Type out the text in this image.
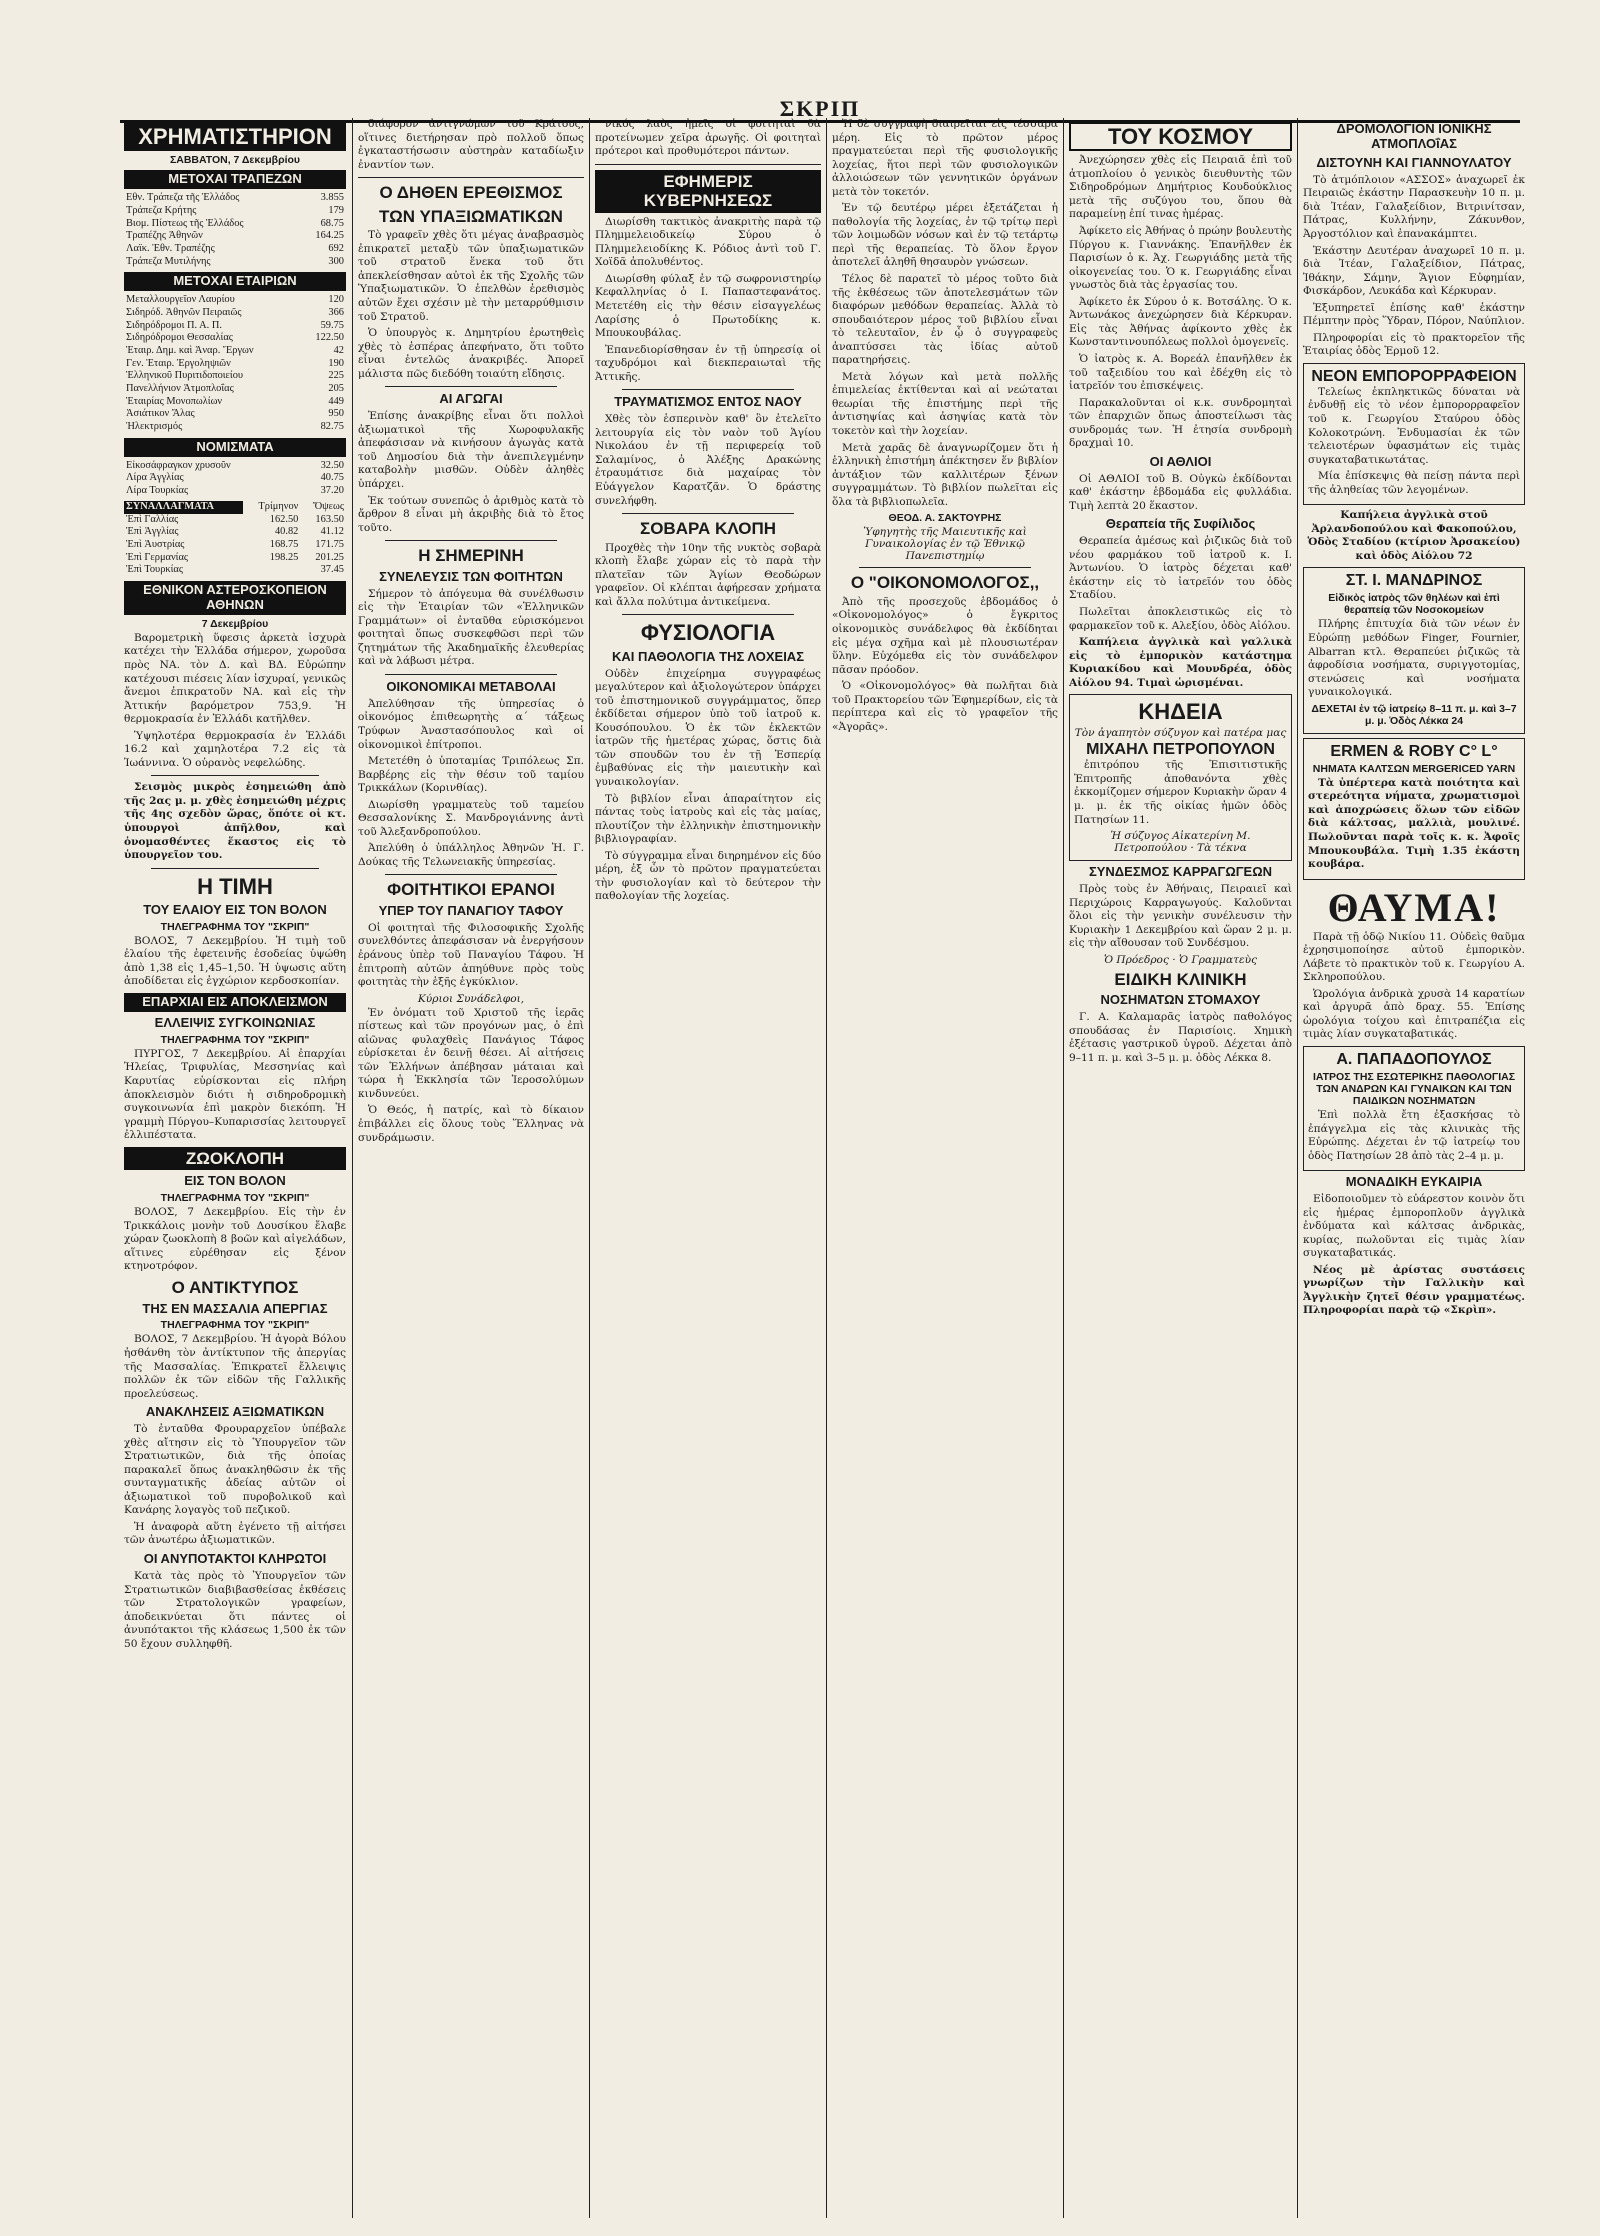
ΣΚΡΙΠ
ΧΡΗΜΑΤΙΣΤΗΡΙΟΝ
ΣΑΒΒΑΤΟΝ, 7 Δεκεμβρίου
ΜΕΤΟΧΑΙ ΤΡΑΠΕΖΩΝ
Εθν. Τράπεζα τῆς Ἑλλάδος	3.855
Τράπεζα Κρήτης	179
Βιομ. Πίστεως τῆς Ἑλλάδος	68.75
Τραπέζης Ἀθηνῶν	164.25
Λαϊκ. Ἐθν. Τραπέζης	692
Τράπεζα Μυτιλήνης	300
ΜΕΤΟΧΑΙ ΕΤΑΙΡΙΩΝ
Μεταλλουργεῖον Λαυρίου	120
Σιδηρόδ. Ἀθηνῶν Πειραιῶς	366
Σιδηρόδρομοι Π. Α. Π.	59.75
Σιδηρόδρομοι Θεσσαλίας	122.50
Ἑταιρ. Δημ. καὶ Ἀναρ. Ἔργων	42
Γεν. Ἑταιρ. Ἐργοληψιῶν	190
Ἑλληνικοῦ Πυριτιδοποιείου	225
Πανελλήνιον Ἀτμοπλοΐας	205
Ἑταιρίας Μονοπωλίων	449
Ἀσιάτικον Ἄλας	950
Ἠλεκτρισμός	82.75
ΝΟΜΙΣΜΑΤΑ
Εἰκοσάφραγκον χρυσοῦν	32.50
Λίρα Ἀγγλίας	40.75
Λίρα Τουρκίας	37.20
ΣΥΝΑΛΛΑΓΜΑΤΑ	Τρίμηνον	Ὄψεως
Ἐπὶ Γαλλίας	162.50	163.50
Ἐπὶ Ἀγγλίας	40.82	41.12
Ἐπὶ Ἀυστρίας	168.75	171.75
Ἐπὶ Γερμανίας	198.25	201.25
Ἐπὶ Τουρκίας		37.45
ΕΘΝΙΚΟΝ ΑΣΤΕΡΟΣΚΟΠΕΙΟΝ ΑΘΗΝΩΝ
7 Δεκεμβρίου

Βαρομετρικὴ ὕφεσις ἀρκετὰ ἰσχυρὰ κατέχει τὴν Ἑλλάδα σήμερον, χωροῦσα πρὸς ΝΑ. τὸν Δ. καὶ ΒΔ. Εὐρώπην κατέχουσι πιέσεις λίαν ἰσχυραί, γενικῶς ἄνεμοι ἐπικρατοῦν ΝΑ. καὶ εἰς τὴν Ἀττικήν βαρόμετρον 753,9. Ἡ θερμοκρασία ἐν Ἑλλάδι κατῆλθεν.

Ὑψηλοτέρα θερμοκρασία ἐν Ἑλλάδι 16.2 καὶ χαμηλοτέρα 7.2 εἰς τὰ Ἰωάννινα. Ὁ οὐρανὸς νεφελώδης.

Σεισμὸς μικρὸς ἐσημειώθη ἀπὸ τῆς 2ας μ. μ. χθὲς ἐσημειώθη μέχρις τῆς 4ης σχεδὸν ὥρας, ὅπότε οἱ κτ. ὑπουργοὶ ἀπῆλθον, καὶ ὀνομασθέντες ἕκαστος εἰς τὸ ὑπουργεῖον του.

Η ΤΙΜΗ
ΤΟΥ ΕΛΑΙΟΥ ΕΙΣ ΤΟΝ ΒΟΛΟΝ
ΤΗΛΕΓΡΑΦΗΜΑ ΤΟΥ "ΣΚΡΙΠ"

ΒΟΛΟΣ, 7 Δεκεμβρίου. Ἡ τιμὴ τοῦ ἐλαίου τῆς ἐφετεινῆς ἐσοδείας ὑψώθη ἀπὸ 1,38 εἰς 1,45–1,50. Ἡ ὑψωσις αὕτη ἀποδίδεται εἰς ἐγχώριον κερδοσκοπίαν.

ΕΠΑΡΧΙΑΙ ΕΙΣ ΑΠΟΚΛΕΙΣΜΟΝ
ΕΛΛΕΙΨΙΣ ΣΥΓΚΟΙΝΩΝΙΑΣ
ΤΗΛΕΓΡΑΦΗΜΑ ΤΟΥ "ΣΚΡΙΠ"

ΠΥΡΓΟΣ, 7 Δεκεμβρίου. Αἱ ἐπαρχίαι Ἠλείας, Τριφυλίας, Μεσσηνίας καὶ Καρυτίας εὑρίσκονται εἰς πλήρη ἀποκλεισμὸν διότι ἡ σιδηροδρομικὴ συγκοινωνία ἐπὶ μακρὸν διεκόπη. Ἡ γραμμὴ Πύργου–Κυπαρισσίας λειτουργεῖ ἐλλιπέστατα.

ΖΩΟΚΛΟΠΗ
ΕΙΣ ΤΟΝ ΒΟΛΟΝ
ΤΗΛΕΓΡΑΦΗΜΑ ΤΟΥ "ΣΚΡΙΠ"

ΒΟΛΟΣ, 7 Δεκεμβρίου. Εἰς τὴν ἐν Τρικκάλοις μονὴν τοῦ Δουσίκου ἔλαβε χώραν ζωοκλοπὴ 8 βοῶν καὶ αἰγελάδων, αἵτινες εὑρέθησαν εἰς ξένον κτηνοτρόφον.

Ο ΑΝΤΙΚΤΥΠΟΣ
ΤΗΣ ΕΝ ΜΑΣΣΑΛΙΑ ΑΠΕΡΓΙΑΣ
ΤΗΛΕΓΡΑΦΗΜΑ ΤΟΥ "ΣΚΡΙΠ"

ΒΟΛΟΣ, 7 Δεκεμβρίου. Ἡ ἀγορὰ Βόλου ἠσθάνθη τὸν ἀντίκτυπον τῆς ἀπεργίας τῆς Μασσαλίας. Ἐπικρατεῖ ἔλλειψις πολλῶν ἐκ τῶν εἰδῶν τῆς Γαλλικῆς προελεύσεως.

ΑΝΑΚΛΗΣΕΙΣ ΑΞΙΩΜΑΤΙΚΩΝ

Τὸ ἐνταῦθα Φρουραρχεῖον ὑπέβαλε χθὲς αἴτησιν εἰς τὸ Ὑπουργεῖον τῶν Στρατιωτικῶν, διὰ τῆς ὁποίας παρακαλεῖ ὅπως ἀνακληθῶσιν ἐκ τῆς συνταγματικῆς ἀδείας αὐτῶν οἱ ἀξιωματικοὶ τοῦ πυροβολικοῦ καὶ Κανάρης λογαγὸς τοῦ πεζικοῦ.

Ἡ ἀναφορὰ αὕτη ἐγένετο τῇ αἰτήσει τῶν ἀνωτέρω ἀξιωματικῶν.

ΟΙ ΑΝΥΠΟΤΑΚΤΟΙ ΚΛΗΡΩΤΟΙ

Κατὰ τὰς πρὸς τὸ Ὑπουργεῖον τῶν Στρατιωτικῶν διαβιβασθείσας ἐκθέσεις τῶν Στρατολογικῶν γραφείων, ἀποδεικνύεται ὅτι πάντες οἱ ἀνυπότακτοι τῆς κλάσεως 1,500 ἐκ τῶν 50 ἔχουν συλληφθῆ.

διάφορον ἀντιγνώμων τοῦ Κράτους, οἵτινες διετήρησαν πρὸ πολλοῦ ὅπως ἐγκαταστήσωσιν αὐστηρὰν καταδίωξιν ἐναντίον των.

Ο ΔΗΘΕΝ ΕΡΕΘΙΣΜΟΣ
ΤΩΝ ΥΠΑΞΙΩΜΑΤΙΚΩΝ

Τὸ γραφεῖν χθὲς ὅτι μέγας ἀναβρασμὸς ἐπικρατεῖ μεταξὺ τῶν ὑπαξιωματικῶν τοῦ στρατοῦ ἕνεκα τοῦ ὅτι ἀπεκλείσθησαν αὐτοὶ ἐκ τῆς Σχολῆς τῶν Ὑπαξιωματικῶν. Ὁ ἐπελθὼν ἐρεθισμὸς αὐτῶν ἔχει σχέσιν μὲ τὴν μεταρρύθμισιν τοῦ Στρατοῦ.

Ὁ ὑπουργὸς κ. Δημητρίου ἐρωτηθεὶς χθὲς τὸ ἐσπέρας ἀπεφήνατο, ὅτι τοῦτο εἶναι ἐντελῶς ἀνακριβές. Ἀπορεῖ μάλιστα πῶς διεδόθη τοιαύτη εἴδησις.

ΑΙ ΑΓΩΓΑΙ

Ἐπίσης ἀνακρίβης εἶναι ὅτι πολλοὶ ἀξιωματικοὶ τῆς Χωροφυλακῆς ἀπεφάσισαν νὰ κινήσουν ἀγωγὰς κατὰ τοῦ Δημοσίου διὰ τὴν ἀνεπιλεγμένην καταβολὴν μισθῶν. Οὐδὲν ἀληθὲς ὑπάρχει.

Ἐκ τούτων συνεπῶς ὁ ἀριθμὸς κατὰ τὸ ἄρθρον 8 εἶναι μὴ ἀκριβὴς διὰ τὸ ἔτος τοῦτο.

Η ΣΗΜΕΡΙΝΗ
ΣΥΝΕΛΕΥΣΙΣ ΤΩΝ ΦΟΙΤΗΤΩΝ

Σήμερον τὸ ἀπόγευμα θὰ συνέλθωσιν εἰς τὴν Ἑταιρίαν τῶν «Ἑλληνικῶν Γραμμάτων» οἱ ἐνταῦθα εὑρισκόμενοι φοιτηταὶ ὅπως συσκεφθῶσι περὶ τῶν ζητημάτων τῆς Ἀκαδημαϊκῆς ἐλευθερίας καὶ νὰ λάβωσι μέτρα.

ΟΙΚΟΝΟΜΙΚΑΙ ΜΕΤΑΒΟΛΑΙ

Ἀπελύθησαν τῆς ὑπηρεσίας ὁ οἰκονόμος ἐπιθεωρητὴς α΄ τάξεως Τρύφων Ἀναστασόπουλος καὶ οἱ οἰκονομικοὶ ἐπίτροποι.

Μετετέθη ὁ ὑποταμίας Τριπόλεως Σπ. Βαρβέρης εἰς τὴν θέσιν τοῦ ταμίου Τρικκάλων (Κορινθίας).

Διωρίσθη γραμματεὺς τοῦ ταμείου Θεσσαλονίκης Σ. Μανδρογιάννης ἀντὶ τοῦ Ἀλεξανδροπούλου.

Ἀπελύθη ὁ ὑπάλληλος Ἀθηνῶν Ἡ. Γ. Δούκας τῆς Τελωνειακῆς ὑπηρεσίας.

ΦΟΙΤΗΤΙΚΟΙ ΕΡΑΝΟΙ
ΥΠΕΡ ΤΟΥ ΠΑΝΑΓΙΟΥ ΤΑΦΟΥ

Οἱ φοιτηταὶ τῆς Φιλοσοφικῆς Σχολῆς συνελθόντες ἀπεφάσισαν νὰ ἐνεργήσουν ἐράνους ὑπὲρ τοῦ Παναγίου Τάφου. Ἡ ἐπιτροπὴ αὐτῶν ἀπηύθυνε πρὸς τοὺς φοιτητὰς τὴν ἑξῆς ἐγκύκλιον.

Κύριοι Συνάδελφοι,

Ἐν ὀνόματι τοῦ Χριστοῦ τῆς ἱερᾶς πίστεως καὶ τῶν προγόνων μας, ὁ ἐπὶ αἰῶνας φυλαχθεὶς Πανάγιος Τάφος εὑρίσκεται ἐν δεινῇ θέσει. Αἱ αἰτήσεις τῶν Ἑλλήνων ἀπέβησαν μάταιαι καὶ τώρα ἡ Ἐκκλησία τῶν Ἱεροσολύμων κινδυνεύει.

Ὁ Θεός, ἡ πατρίς, καὶ τὸ δίκαιον ἐπιβάλλει εἰς ὅλους τοὺς Ἕλληνας νὰ συνδράμωσιν.

νικός λαὸς ἠμεῖς οἱ φοιτηταὶ θὰ προτείνωμεν χεῖρα ἀρωγῆς. Οἱ φοιτηταὶ πρότεροι καὶ προθυμότεροι πάντων.

ΕΦΗΜΕΡΙΣ ΚΥΒΕΡΝΗΣΕΩΣ

Διωρίσθη τακτικὸς ἀνακριτὴς παρὰ τῷ Πλημμελειοδικείῳ Σύρου ὁ Πλημμελειοδίκης Κ. Ρόδιος ἀντὶ τοῦ Γ. Χοϊδᾶ ἀπολυθέντος.

Διωρίσθη φύλαξ ἐν τῷ σωφρονιστηρίῳ Κεφαλληνίας ὁ Ι. Παπαστεφανάτος. Μετετέθη εἰς τὴν θέσιν εἰσαγγελέως Λαρίσης ὁ Πρωτοδίκης κ. Μπουκουβάλας.

Ἐπανεδιορίσθησαν ἐν τῇ ὑπηρεσίᾳ οἱ ταχυδρόμοι καὶ διεκπεραιωταὶ τῆς Ἀττικῆς.

ΤΡΑΥΜΑΤΙΣΜΟΣ ΕΝΤΟΣ ΝΑΟΥ

Χθὲς τὸν ἑσπερινὸν καθ' ὃν ἐτελεῖτο λειτουργία εἰς τὸν ναὸν τοῦ Ἁγίου Νικολάου ἐν τῇ περιφερείᾳ τοῦ Σαλαμίνος, ὁ Ἀλέξης Δρακώνης ἐτραυμάτισε διὰ μαχαίρας τὸν Εὐάγγελον Καρατζᾶν. Ὁ δράστης συνελήφθη.

ΣΟΒΑΡΑ ΚΛΟΠΗ

Προχθὲς τὴν 10ην τῆς νυκτὸς σοβαρὰ κλοπὴ ἔλαβε χώραν εἰς τὸ παρὰ τὴν πλατεῖαν τῶν Ἁγίων Θεοδώρων γραφεῖον. Οἱ κλέπται ἀφήρεσαν χρήματα καὶ ἄλλα πολύτιμα ἀντικείμενα.

ΦΥΣΙΟΛΟΓΙΑ
ΚΑΙ ΠΑΘΟΛΟΓΙΑ ΤΗΣ ΛΟΧΕΙΑΣ

Οὐδὲν ἐπιχείρημα συγγραφέως μεγαλύτερον καὶ ἀξιολογώτερον ὑπάρχει τοῦ ἐπιστημονικοῦ συγγράμματος, ὅπερ ἐκδίδεται σήμερον ὑπὸ τοῦ ἰατροῦ κ. Κουσόπουλου. Ὁ ἐκ τῶν ἐκλεκτῶν ἰατρῶν τῆς ἡμετέρας χώρας, ὅστις διὰ τῶν σπουδῶν του ἐν τῇ Ἑσπερίᾳ ἐμβαθύνας εἰς τὴν μαιευτικὴν καὶ γυναικολογίαν.

Τὸ βιβλίον εἶναι ἀπαραίτητον εἰς πάντας τοὺς ἰατροὺς καὶ εἰς τὰς μαίας, πλουτίζον τὴν ἑλληνικὴν ἐπιστημονικὴν βιβλιογραφίαν.

Τὸ σύγγραμμα εἶναι διηρημένον εἰς δύο μέρη, ἐξ ὧν τὸ πρῶτον πραγματεύεται τὴν φυσιολογίαν καὶ τὸ δεύτερον τὴν παθολογίαν τῆς λοχείας.

Ἡ δὲ συγγραφὴ διαιρεῖται εἰς τέσσαρα μέρη. Εἰς τὸ πρῶτον μέρος πραγματεύεται περὶ τῆς φυσιολογικῆς λοχείας, ἥτοι περὶ τῶν φυσιολογικῶν ἀλλοιώσεων τῶν γεννητικῶν ὀργάνων μετὰ τὸν τοκετόν.

Ἐν τῷ δευτέρῳ μέρει ἐξετάζεται ἡ παθολογία τῆς λοχείας, ἐν τῷ τρίτῳ περὶ τῶν λοιμωδῶν νόσων καὶ ἐν τῷ τετάρτῳ περὶ τῆς θεραπείας. Τὸ ὅλον ἔργον ἀποτελεῖ ἀληθῆ θησαυρὸν γνώσεων.

Τέλος δὲ παρατεῖ τὸ μέρος τοῦτο διὰ τῆς ἐκθέσεως τῶν ἀποτελεσμάτων τῶν διαφόρων μεθόδων θεραπείας. Ἀλλὰ τὸ σπουδαιότερον μέρος τοῦ βιβλίου εἶναι τὸ τελευταῖον, ἐν ᾧ ὁ συγγραφεὺς ἀναπτύσσει τὰς ἰδίας αὐτοῦ παρατηρήσεις.

Μετὰ λόγων καὶ μετὰ πολλῆς ἐπιμελείας ἐκτίθενται καὶ αἱ νεώταται θεωρίαι τῆς ἐπιστήμης περὶ τῆς ἀντισηψίας καὶ ἀσηψίας κατὰ τὸν τοκετὸν καὶ τὴν λοχείαν.

Μετὰ χαρᾶς δὲ ἀναγνωρίζομεν ὅτι ἡ ἑλληνικὴ ἐπιστήμη ἀπέκτησεν ἕν βιβλίον ἀντάξιον τῶν καλλιτέρων ξένων συγγραμμάτων. Τὸ βιβλίον πωλεῖται εἰς ὅλα τὰ βιβλιοπωλεῖα.

ΘΕΟΔ. Α. ΣΑΚΤΟΥΡΗΣ
Ὑφηγητὴς τῆς Μαιευτικῆς καὶ Γυναικολογίας ἐν τῷ Ἐθνικῷ Πανεπιστημίῳ
Ο "ΟΙΚΟΝΟΜΟΛΟΓΟΣ,,

Ἀπὸ τῆς προσεχοῦς ἑβδομάδος ὁ «Οἰκονομολόγος» ὁ ἔγκριτος οἰκονομικὸς συνάδελφος θὰ ἐκδίδηται εἰς μέγα σχῆμα καὶ μὲ πλουσιωτέραν ὕλην. Εὐχόμεθα εἰς τὸν συνάδελφον πᾶσαν πρόοδον.

Ὁ «Οἰκονομολόγος» θὰ πωλῆται διὰ τοῦ Πρακτορείου τῶν Ἐφημερίδων, εἰς τὰ περίπτερα καὶ εἰς τὸ γραφεῖον τῆς «Ἀγορᾶς».

ΤΟΥ ΚΟΣΜΟΥ

Ἀνεχώρησεν χθὲς εἰς Πειραιᾶ ἐπὶ τοῦ ἀτμοπλοίου ὁ γενικὸς διευθυντὴς τῶν Σιδηροδρόμων Δημήτριος Κουδούκλιος μετὰ τῆς συζύγου του, ὅπου θὰ παραμείνῃ ἐπί τινας ἡμέρας.

Ἀφίκετο εἰς Ἀθήνας ὁ πρώην βουλευτὴς Πύργου κ. Γιαννάκης. Ἐπανῆλθεν ἐκ Παρισίων ὁ κ. Ἀχ. Γεωργιάδης μετὰ τῆς οἰκογενείας του. Ὁ κ. Γεωργιάδης εἶναι γνωστὸς διὰ τὰς ἐργασίας του.

Ἀφίκετο ἐκ Σύρου ὁ κ. Βοτσάλης. Ὁ κ. Ἀντωνάκος ἀνεχώρησεν διὰ Κέρκυραν. Εἰς τὰς Ἀθήνας ἀφίκοντο χθὲς ἐκ Κωνσταντινουπόλεως πολλοὶ ὁμογενεῖς.

Ὁ ἰατρὸς κ. Α. Βορεάλ ἐπανῆλθεν ἐκ τοῦ ταξειδίου του καὶ ἐδέχθη εἰς τὸ ἰατρεῖόν του ἐπισκέψεις.

Παρακαλοῦνται οἱ κ.κ. συνδρομηταὶ τῶν ἐπαρχιῶν ὅπως ἀποστείλωσι τὰς συνδρομάς των. Ἡ ἐτησία συνδρομὴ δραχμαὶ 10.

ΟΙ ΑΘΛΙΟΙ

Οἱ ΑΘΛΙΟΙ τοῦ Β. Οὐγκὼ ἐκδίδονται καθ' ἑκάστην ἑβδομάδα εἰς φυλλάδια. Τιμὴ λεπτὰ 20 ἕκαστον.

Θεραπεία τῆς Συφίλιδος

Θεραπεία ἀμέσως καὶ ῥιζικῶς διὰ τοῦ νέου φαρμάκου τοῦ ἰατροῦ κ. Ι. Ἀντωνίου. Ὁ ἰατρὸς δέχεται καθ' ἑκάστην εἰς τὸ ἰατρεῖόν του ὁδὸς Σταδίου.

Πωλεῖται ἀποκλειστικῶς εἰς τὸ φαρμακεῖον τοῦ κ. Αλεξίου, ὁδὸς Αἰόλου.

Καπήλεια ἀγγλικὰ καὶ γαλλικὰ εἰς τὸ ἐμπορικὸν κατάστημα Κυριακίδου καὶ Μουνδρέα, ὁδὸς Αἰόλου 94. Τιμαὶ ὡρισμέναι.

ΚΗΔΕΙΑ
Τὸν ἀγαπητὸν σύζυγον καὶ πατέρα μας
ΜΙΧΑΗΛ ΠΕΤΡΟΠΟΥΛΟΝ

ἐπιτρόπου τῆς Ἐπισιτιστικῆς Ἐπιτροπῆς ἀποθανόντα χθὲς ἐκκομίζομεν σήμερον Κυριακὴν ὥραν 4 μ. μ. ἐκ τῆς οἰκίας ἡμῶν ὁδὸς Πατησίων 11.

Ἡ σύζυγος Αἰκατερίνη Μ. Πετροπούλου · Τὰ τέκνα
ΣΥΝΔΕΣΜΟΣ ΚΑΡΡΑΓΩΓΕΩΝ

Πρὸς τοὺς ἐν Ἀθήναις, Πειραιεῖ καὶ Περιχώροις Καρραγωγούς. Καλοῦνται ὅλοι εἰς τὴν γενικὴν συνέλευσιν τὴν Κυριακὴν 1 Δεκεμβρίου καὶ ὥραν 2 μ. μ. εἰς τὴν αἴθουσαν τοῦ Συνδέσμου.

Ὁ Πρόεδρος · Ὁ Γραμματεὺς
ΕΙΔΙΚΗ ΚΛΙΝΙΚΗ
ΝΟΣΗΜΑΤΩΝ ΣΤΟΜΑΧΟΥ

Γ. Α. Καλαμαρᾶς ἰατρὸς παθολόγος σπουδάσας ἐν Παρισίοις. Χημικὴ ἐξέτασις γαστρικοῦ ὑγροῦ. Δέχεται ἀπὸ 9–11 π. μ. καὶ 3–5 μ. μ. ὁδὸς Λέκκα 8.

ΔΡΟΜΟΛΟΓΙΟΝ ΙΟΝΙΚΗΣ ΑΤΜΟΠΛΟΐΑΣ
ΔΙΣΤΟΥΝΗ ΚΑΙ ΓΙΑΝΝΟΥΛΑΤΟΥ

Τὸ ἀτμόπλοιον «ΑΣΣΟΣ» ἀναχωρεῖ ἐκ Πειραιῶς ἐκάστην Παρασκευὴν 10 π. μ. διὰ Ἰτέαν, Γαλαξείδιον, Βιτρινίτσαν, Πάτρας, Κυλλήνην, Ζάκυνθον, Ἀργοστόλιον καὶ ἐπανακάμπτει.

Ἑκάστην Δευτέραν ἀναχωρεῖ 10 π. μ. διὰ Ἰτέαν, Γαλαξείδιον, Πάτρας, Ἰθάκην, Σάμην, Ἅγιον Εὐφημίαν, Φισκάρδον, Λευκάδα καὶ Κέρκυραν.

Ἐξυπηρετεῖ ἐπίσης καθ' ἑκάστην Πέμπτην πρὸς Ὕδραν, Πόρον, Ναύπλιον.

Πληροφορίαι εἰς τὸ πρακτορεῖον τῆς Ἑταιρίας ὁδὸς Ἑρμοῦ 12.

ΝΕΟΝ ΕΜΠΟΡΟΡΡΑΦΕΙΟΝ

Τελείως ἐκπληκτικῶς δύναται νὰ ἐνδυθῇ εἰς τὸ νέον ἐμπορορραφεῖον τοῦ κ. Γεωργίου Σταύρου ὁδὸς Κολοκοτρώνη. Ἐνδυμασίαι ἐκ τῶν τελειοτέρων ὑφασμάτων εἰς τιμὰς συγκαταβατικωτάτας.

Μία ἐπίσκεψις θὰ πείσῃ πάντα περὶ τῆς ἀληθείας τῶν λεγομένων.

Καπήλεια ἀγγλικὰ στοῦ Ἀρλανδοπούλου καὶ Φακοπούλου, Ὁδὸς Σταδίου (κτίριον Ἀρσακείου) καὶ ὁδὸς Αἰόλου 72

ΣΤ. Ι. ΜΑΝΔΡΙΝΟΣ
Εἰδικὸς ἰατρὸς τῶν θηλέων καὶ ἐπὶ θεραπείᾳ τῶν Νοσοκομείων

Πλήρης ἐπιτυχία διὰ τῶν νέων ἐν Εὐρώπῃ μεθόδων Finger, Fournier, Albarran κτλ. Θεραπεύει ῥιζικῶς τὰ ἀφροδίσια νοσήματα, συριγγοτομίας, στενώσεις καὶ νοσήματα γυναικολογικά.

ΔΕΧΕΤΑΙ ἐν τῷ ἰατρείῳ 8–11 π. μ. καὶ 3–7 μ. μ. Ὁδὸς Λέκκα 24
ERMEN & ROBY C° L°
ΝΗΜΑΤΑ ΚΑΛΤΣΩΝ MERGERICED YARN

Τὰ ὑπέρτερα κατὰ ποιότητα καὶ στερεότητα νήματα, χρωματισμοὶ καὶ ἀποχρώσεις ὅλων τῶν εἰδῶν διὰ κάλτσας, μαλλιὰ, μουλινέ. Πωλοῦνται παρὰ τοῖς κ. κ. Ἀφοῖς Μπουκουβάλα. Τιμὴ 1.35 ἑκάστη κουβάρα.

ΘΑΥΜΑ!

Παρὰ τῇ ὁδῷ Νικίου 11. Οὐδεὶς θαῦμα ἐχρησιμοποίησε αὐτοῦ ἐμπορικὸν. Λάβετε τὸ πρακτικὸν τοῦ κ. Γεωργίου Α. Σκληροπούλου.

Ὡρολόγια ἀνδρικὰ χρυσὰ 14 καρατίων καὶ ἀργυρᾶ ἀπὸ δραχ. 55. Ἐπίσης ὡρολόγια τοίχου καὶ ἐπιτραπέζια εἰς τιμὰς λίαν συγκαταβατικάς.

Α. ΠΑΠΑΔΟΠΟΥΛΟΣ
ΙΑΤΡΟΣ ΤΗΣ ΕΣΩΤΕΡΙΚΗΣ ΠΑΘΟΛΟΓΙΑΣ ΤΩΝ ΑΝΔΡΩΝ ΚΑΙ ΓΥΝΑΙΚΩΝ ΚΑΙ ΤΩΝ ΠΑΙΔΙΚΩΝ ΝΟΣΗΜΑΤΩΝ

Ἐπὶ πολλὰ ἔτη ἐξασκήσας τὸ ἐπάγγελμα εἰς τὰς κλινικὰς τῆς Εὐρώπης. Δέχεται ἐν τῷ ἰατρείῳ του ὁδὸς Πατησίων 28 ἀπὸ τὰς 2–4 μ. μ.

ΜΟΝΑΔΙΚΗ ΕΥΚΑΙΡΙΑ

Εἰδοποιοῦμεν τὸ εὐάρεστον κοινὸν ὅτι εἰς ἡμέρας ἐμποροπλοῦν ἀγγλικὰ ἐνδύματα καὶ κάλτσας ἀνδρικὰς, κυρίας, πωλοῦνται εἰς τιμὰς λίαν συγκαταβατικάς.

Νέος μὲ ἀρίστας συστάσεις γνωρίζων τὴν Γαλλικὴν καὶ Ἀγγλικὴν ζητεῖ θέσιν γραμματέως. Πληροφορίαι παρὰ τῷ «Σκρὶπ».
